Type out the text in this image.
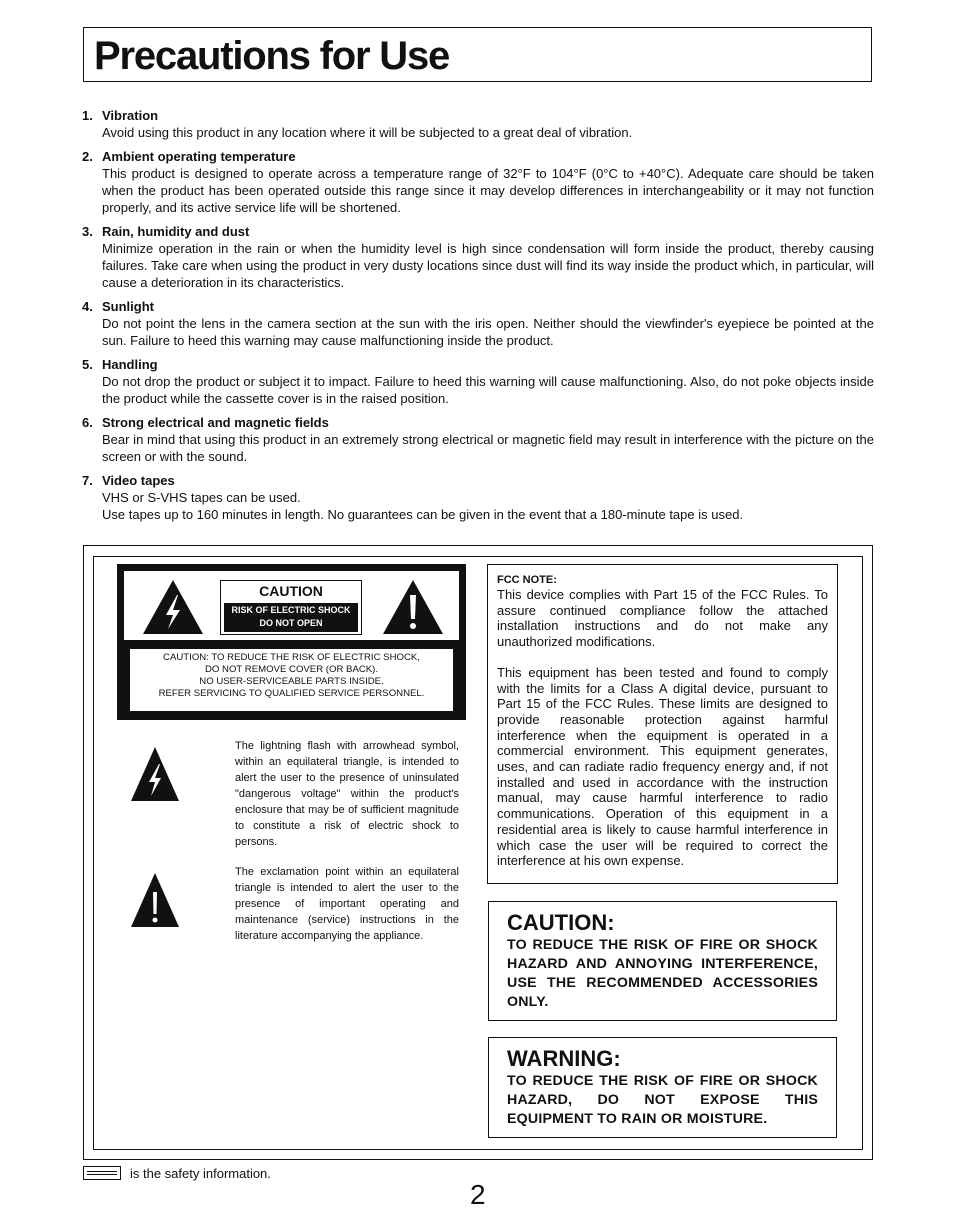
Precautions for Use
1. Vibration

Avoid using this product in any location where it will be subjected to a great deal of vibration.

2. Ambient operating temperature

This product is designed to operate across a temperature range of 32°F to 104°F (0°C to +40°C). Adequate care should be taken when the product has been operated outside this range since it may develop differences in interchangeability or it may not function properly, and its active service life will be shortened.

3. Rain, humidity and dust

Minimize operation in the rain or when the humidity level is high since condensation will form inside the product, thereby causing failures. Take care when using the product in very dusty locations since dust will find its way inside the product which, in particular, will cause a deterioration in its characteristics.

4. Sunlight

Do not point the lens in the camera section at the sun with the iris open. Neither should the viewfinder's eyepiece be pointed at the sun. Failure to heed this warning may cause malfunctioning inside the product.

5. Handling

Do not drop the product or subject it to impact. Failure to heed this warning will cause malfunctioning. Also, do not poke objects inside the product while the cassette cover is in the raised position.

6. Strong electrical and magnetic fields

Bear in mind that using this product in an extremely strong electrical or magnetic field may result in interference with the picture on the screen or with the sound.

7. Video tapes

VHS or S-VHS tapes can be used.

Use tapes up to 160 minutes in length. No guarantees can be given in the event that a 180-minute tape is used.

CAUTION
RISK OF ELECTRIC SHOCK
DO NOT OPEN
CAUTION: TO REDUCE THE RISK OF ELECTRIC SHOCK,
DO NOT REMOVE COVER (OR BACK).
NO USER-SERVICEABLE PARTS INSIDE.
REFER SERVICING TO QUALIFIED SERVICE PERSONNEL.
The lightning flash with arrowhead symbol, within an equilateral triangle, is intended to alert the user to the presence of uninsulated "dangerous voltage" within the product's enclosure that may be of sufficient magnitude to constitute a risk of electric shock to persons.
The exclamation point within an equilateral triangle is intended to alert the user to the presence of important operating and maintenance (service) instructions in the literature accompanying the appliance.
FCC NOTE:

This device complies with Part 15 of the FCC Rules. To assure continued compliance follow the attached installation instructions and do not make any unauthorized modifications.

This equipment has been tested and found to comply with the limits for a Class A digital device, pursuant to Part 15 of the FCC Rules. These limits are designed to provide reasonable protection against harmful interference when the equipment is operated in a commercial environment. This equipment generates, uses, and can radiate radio frequency energy and, if not installed and used in accordance with the instruction manual, may cause harmful interference to radio communications. Operation of this equipment in a residential area is likely to cause harmful interference in which case the user will be required to correct the interference at his own expense.

CAUTION:
TO REDUCE THE RISK OF FIRE OR SHOCK HAZARD AND ANNOYING INTERFERENCE, USE THE RECOMMENDED ACCESSORIES ONLY.
WARNING:
TO REDUCE THE RISK OF FIRE OR SHOCK HAZARD, DO NOT EXPOSE THIS EQUIPMENT TO RAIN OR MOISTURE.
is the safety information.
2
